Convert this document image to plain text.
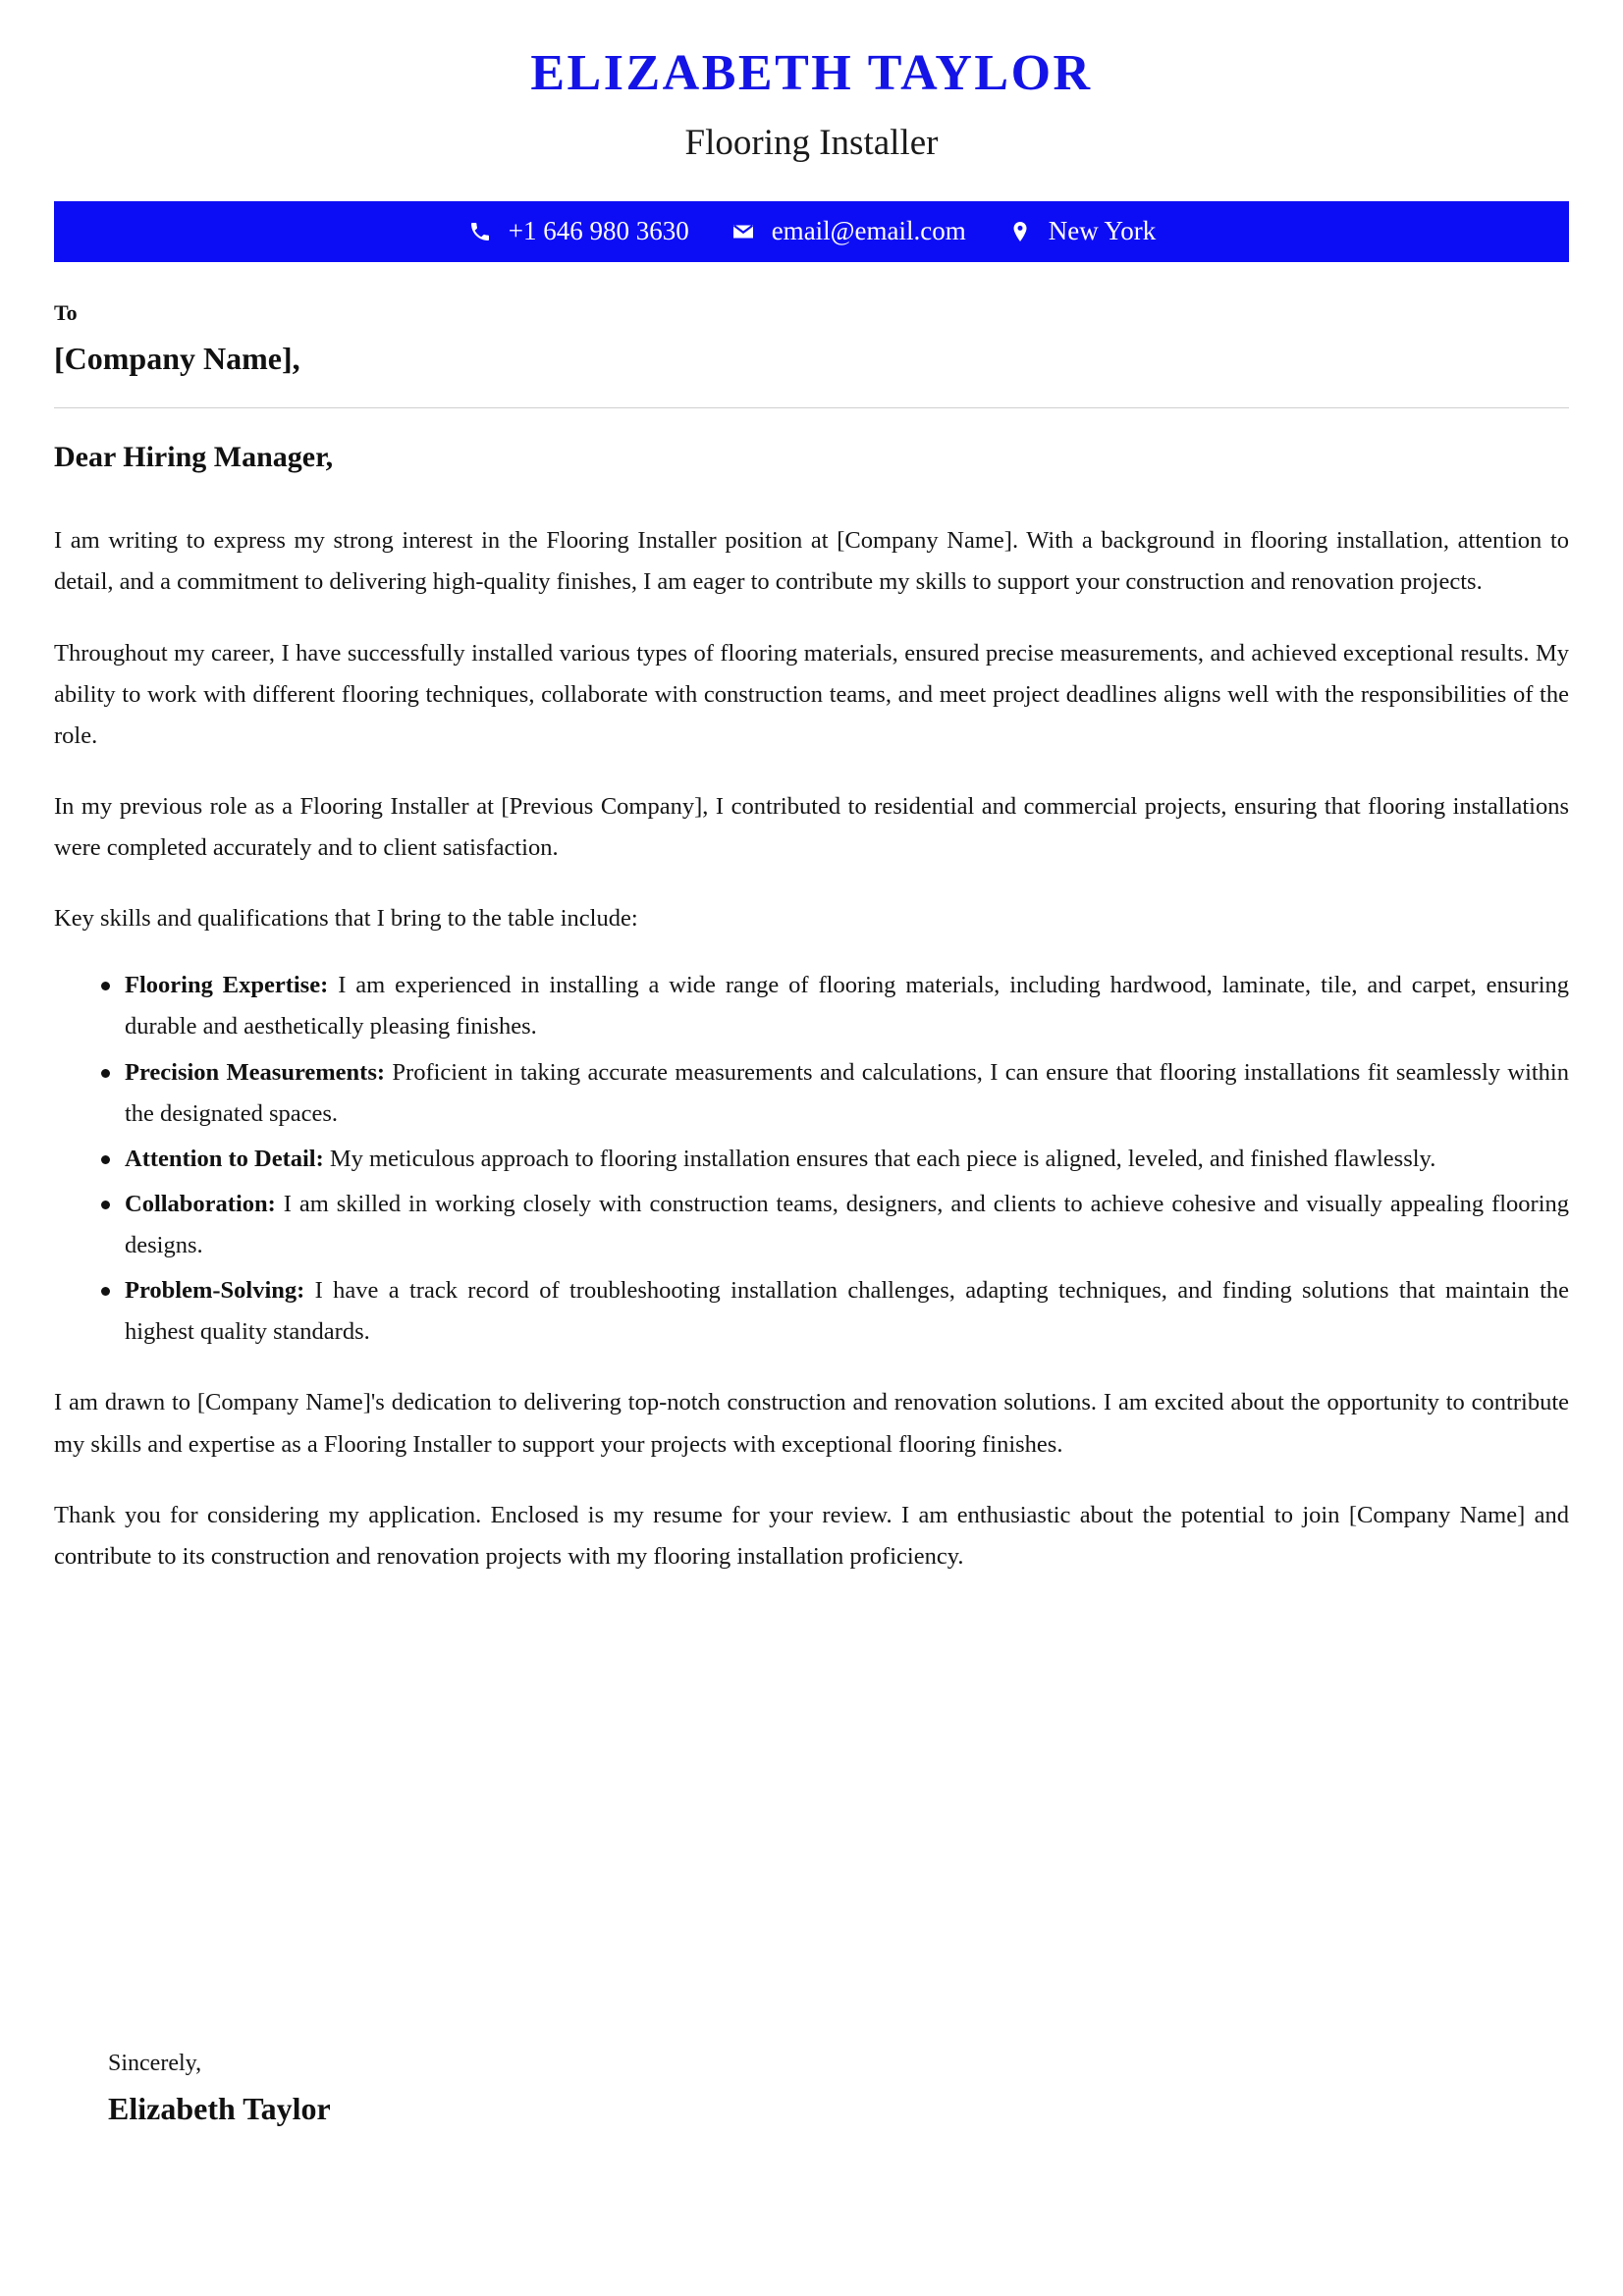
ELIZABETH TAYLOR
Flooring Installer
+1 646 980 3630	email@email.com	New York
To
[Company Name],
Dear Hiring Manager,

I am writing to express my strong interest in the Flooring Installer position at [Company Name]. With a background in flooring installation, attention to detail, and a commitment to delivering high-quality finishes, I am eager to contribute my skills to support your construction and renovation projects.

Throughout my career, I have successfully installed various types of flooring materials, ensured precise measurements, and achieved exceptional results. My ability to work with different flooring techniques, collaborate with construction teams, and meet project deadlines aligns well with the responsibilities of the role.

In my previous role as a Flooring Installer at [Previous Company], I contributed to residential and commercial projects, ensuring that flooring installations were completed accurately and to client satisfaction.

Key skills and qualifications that I bring to the table include:

Flooring Expertise: I am experienced in installing a wide range of flooring materials, including hardwood, laminate, tile, and carpet, ensuring durable and aesthetically pleasing finishes.
Precision Measurements: Proficient in taking accurate measurements and calculations, I can ensure that flooring installations fit seamlessly within the designated spaces.
Attention to Detail: My meticulous approach to flooring installation ensures that each piece is aligned, leveled, and finished flawlessly.
Collaboration: I am skilled in working closely with construction teams, designers, and clients to achieve cohesive and visually appealing flooring designs.
Problem-Solving: I have a track record of troubleshooting installation challenges, adapting techniques, and finding solutions that maintain the highest quality standards.

I am drawn to [Company Name]'s dedication to delivering top-notch construction and renovation solutions. I am excited about the opportunity to contribute my skills and expertise as a Flooring Installer to support your projects with exceptional flooring finishes.

Thank you for considering my application. Enclosed is my resume for your review. I am enthusiastic about the potential to join [Company Name] and contribute to its construction and renovation projects with my flooring installation proficiency.

Sincerely,
Elizabeth Taylor
